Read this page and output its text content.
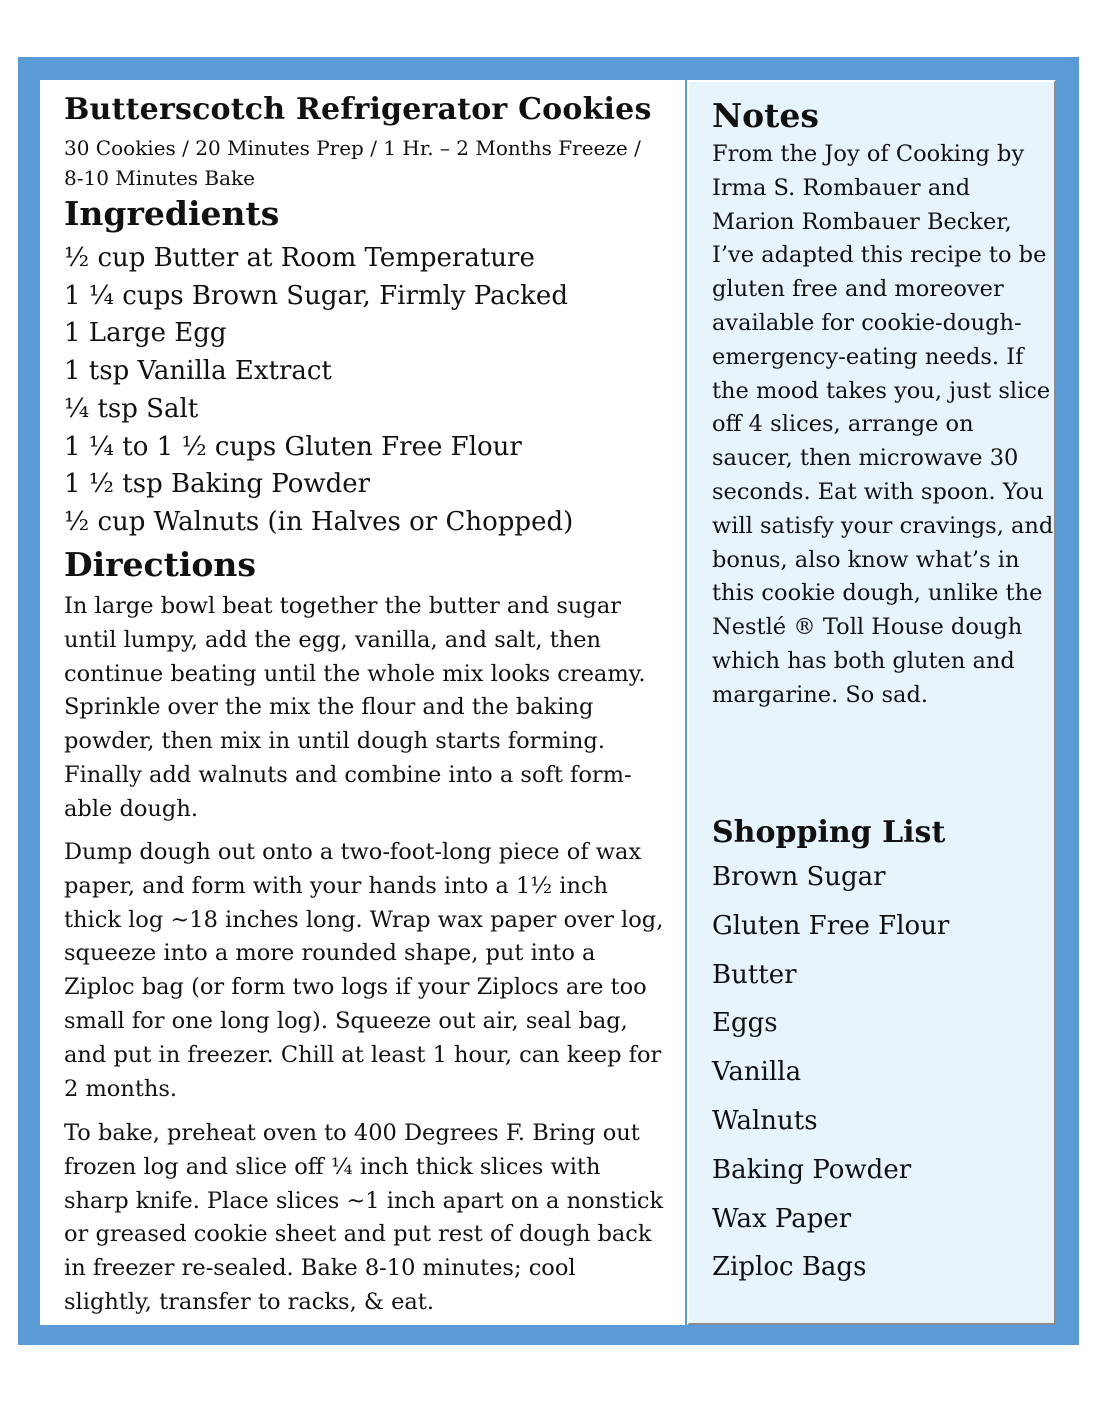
Butterscotch Refrigerator Cookies
30 Cookies / 20 Minutes Prep / 1 Hr. – 2 Months Freeze / 8-10 Minutes Bake
Ingredients
½ cup Butter at Room Temperature
1 ¼ cups Brown Sugar, Firmly Packed
1 Large Egg
1 tsp Vanilla Extract
¼ tsp Salt
1 ¼ to 1 ½ cups Gluten Free Flour
1 ½ tsp Baking Powder
½ cup Walnuts (in Halves or Chopped)
Directions

In large bowl beat together the butter and sugar until lumpy, add the egg, vanilla, and salt, then continue beating until the whole mix looks creamy. Sprinkle over the mix the flour and the baking powder, then mix in until dough starts forming. Finally add walnuts and combine into a soft form-able dough.

Dump dough out onto a two-foot-long piece of wax paper, and form with your hands into a 1½ inch thick log ~18 inches long. Wrap wax paper over log, squeeze into a more rounded shape, put into a Ziploc bag (or form two logs if your Ziplocs are too small for one long log). Squeeze out air, seal bag, and put in freezer. Chill at least 1 hour, can keep for 2 months.

To bake, preheat oven to 400 Degrees F. Bring out frozen log and slice off ¼ inch thick slices with sharp knife. Place slices ~1 inch apart on a nonstick or greased cookie sheet and put rest of dough back in freezer re-sealed. Bake 8-10 minutes; cool slightly, transfer to racks, & eat.

Notes

From the Joy of Cooking by Irma S. Rombauer and Marion Rombauer Becker, I’ve adapted this recipe to be gluten free and moreover available for cookie-dough-emergency-eating needs. If the mood takes you, just slice off 4 slices, arrange on saucer, then microwave 30 seconds. Eat with spoon. You will satisfy your cravings, and bonus, also know what’s in this cookie dough, unlike the Nestlé ® Toll House dough which has both gluten and margarine. So sad.

Shopping List
Brown Sugar
Gluten Free Flour
Butter
Eggs
Vanilla
Walnuts
Baking Powder
Wax Paper
Ziploc Bags
